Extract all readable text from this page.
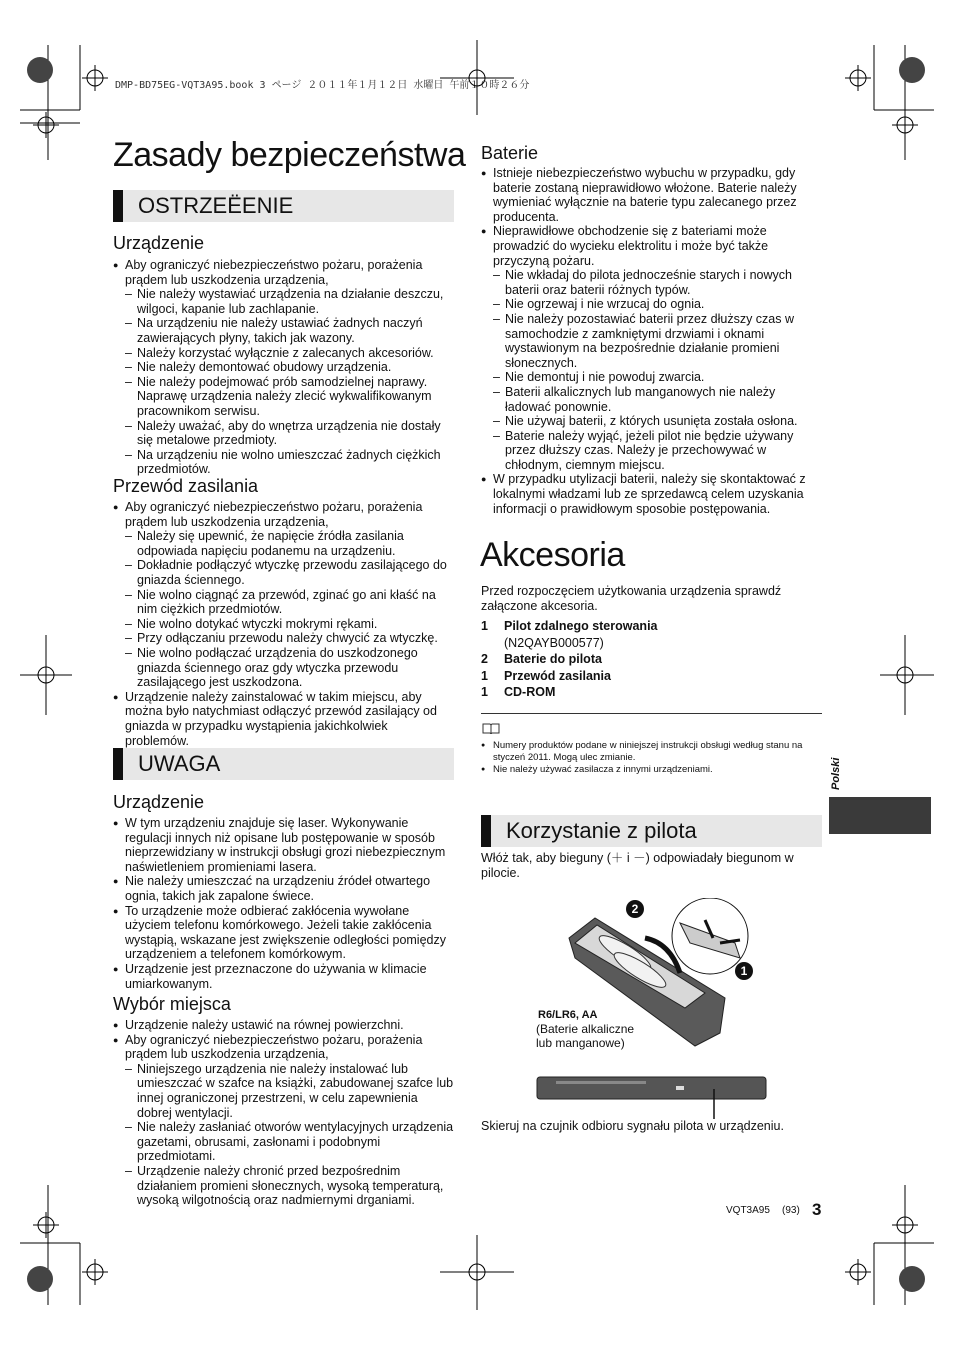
DMP-BD75EG-VQT3A95.book 3 ページ ２０１１年１月１２日 水曜日 午前１０時２６分
Zasady bezpieczeństwa
OSTRZEËENIE
Urządzenie
● Aby ograniczyć niebezpieczeństwo pożaru, porażenia prądem lub uszkodzenia urządzenia,
– Nie należy wystawiać urządzenia na działanie deszczu, wilgoci, kapanie lub zachlapanie.
– Na urządzeniu nie należy ustawiać żadnych naczyń zawierających płyny, takich jak wazony.
– Należy korzystać wyłącznie z zalecanych akcesoriów.
– Nie należy demontować obudowy urządzenia.
– Nie należy podejmować prób samodzielnej naprawy. Naprawę urządzenia należy zlecić wykwalifikowanym pracownikom serwisu.
– Należy uważać, aby do wnętrza urządzenia nie dostały się metalowe przedmioty.
– Na urządzeniu nie wolno umieszczać żadnych ciężkich przedmiotów.
Przewód zasilania
● Aby ograniczyć niebezpieczeństwo pożaru, porażenia prądem lub uszkodzenia urządzenia,
– Należy się upewnić, że napięcie źródła zasilania odpowiada napięciu podanemu na urządzeniu.
– Dokładnie podłączyć wtyczkę przewodu zasilającego do gniazda ściennego.
– Nie wolno ciągnąć za przewód, zginać go ani kłaść na nim ciężkich przedmiotów.
– Nie wolno dotykać wtyczki mokrymi rękami.
– Przy odłączaniu przewodu należy chwycić za wtyczkę.
– Nie wolno podłączać urządzenia do uszkodzonego gniazda ściennego oraz gdy wtyczka przewodu zasilającego jest uszkodzona.
● Urządzenie należy zainstalować w takim miejscu, aby można było natychmiast odłączyć przewód zasilający od gniazda w przypadku wystąpienia jakichkolwiek problemów.
UWAGA
Urządzenie
● W tym urządzeniu znajduje się laser. Wykonywanie regulacji innych niż opisane lub postępowanie w sposób nieprzewidziany w instrukcji obsługi grozi niebezpiecznym naświetleniem promieniami lasera.
● Nie należy umieszczać na urządzeniu źródeł otwartego ognia, takich jak zapalone świece.
● To urządzenie może odbierać zakłócenia wywołane użyciem telefonu komórkowego. Jeżeli takie zakłócenia wystąpią, wskazane jest zwiększenie odległości pomiędzy urządzeniem a telefonem komórkowym.
● Urządzenie jest przeznaczone do używania w klimacie umiarkowanym.
Wybór miejsca
● Urządzenie należy ustawić na równej powierzchni.
● Aby ograniczyć niebezpieczeństwo pożaru, porażenia prądem lub uszkodzenia urządzenia,
– Niniejszego urządzenia nie należy instalować lub umieszczać w szafce na książki, zabudowanej szafce lub innej ograniczonej przestrzeni, w celu zapewnienia dobrej wentylacji.
– Nie należy zasłaniać otworów wentylacyjnych urządzenia gazetami, obrusami, zasłonami i podobnymi przedmiotami.
– Urządzenie należy chronić przed bezpośrednim działaniem promieni słonecznych, wysoką temperaturą, wysoką wilgotnością oraz nadmiernymi drganiami.
Baterie
● Istnieje niebezpieczeństwo wybuchu w przypadku, gdy baterie zostaną nieprawidłowo włożone. Baterie należy wymieniać wyłącznie na baterie typu zalecanego przez producenta.
● Nieprawidłowe obchodzenie się z bateriami może prowadzić do wycieku elektrolitu i może być także przyczyną pożaru.
– Nie wkładaj do pilota jednocześnie starych i nowych baterii oraz baterii różnych typów.
– Nie ogrzewaj i nie wrzucaj do ognia.
– Nie należy pozostawiać baterii przez dłuższy czas w samochodzie z zamkniętymi drzwiami i oknami wystawionym na bezpośrednie działanie promieni słonecznych.
– Nie demontuj i nie powoduj zwarcia.
– Baterii alkalicznych lub manganowych nie należy ładować ponownie.
– Nie używaj baterii, z których usunięta została osłona.
– Baterie należy wyjąć, jeżeli pilot nie będzie używany przez dłuższy czas. Należy je przechowywać w chłodnym, ciemnym miejscu.
● W przypadku utylizacji baterii, należy się skontaktować z lokalnymi władzami lub ze sprzedawcą celem uzyskania informacji o prawidłowym sposobie postępowania.
Akcesoria

Przed rozpoczęciem użytkowania urządzenia sprawdź załączone akcesoria.

1	Pilot zdalnego sterowania
(N2QAYB000577)
2	Baterie do pilota
1	Przewód zasilania
1	CD-ROM
● Numery produktów podane w niniejszej instrukcji obsługi według stanu na styczeń 2011. Mogą ulec zmianie.
● Nie należy używać zasilacza z innymi urządzeniami.
Korzystanie z pilota

Włóż tak, aby bieguny (＋ i －) odpowiadały biegunom w pilocie.

2
1
R6/LR6, AA
(Baterie alkaliczne
lub manganowe)

Skieruj na czujnik odbioru sygnału pilota w urządzeniu.

Polski
VQT3A95 (93) 3
